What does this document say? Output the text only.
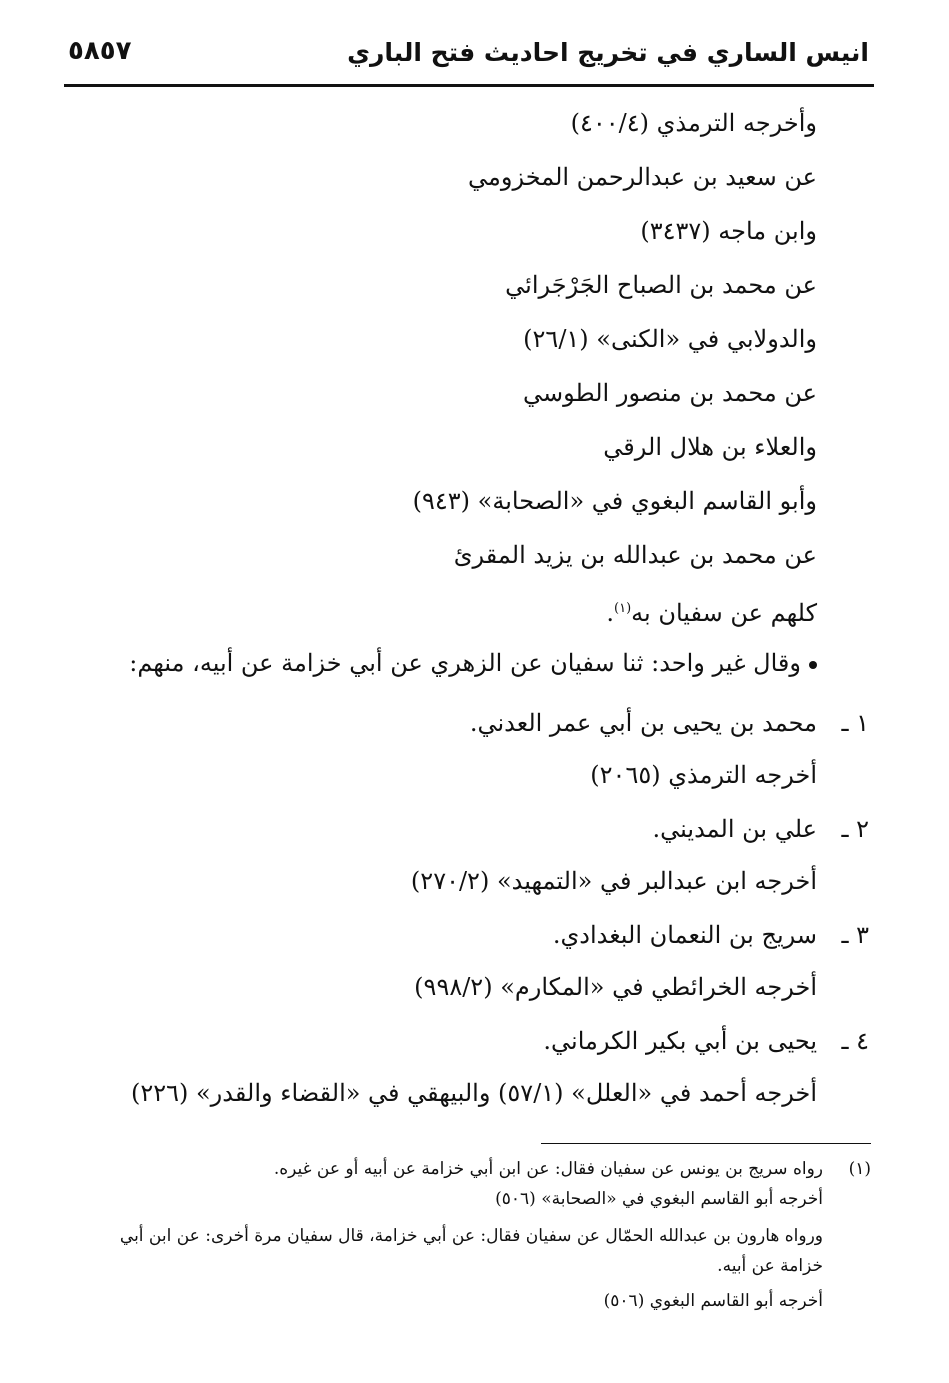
انيس الساري في تخريج احاديث فتح الباري
٥٨٥٧
وأخرجه الترمذي (٤٠٠/٤)
عن سعيد بن عبدالرحمن المخزومي
وابن ماجه (٣٤٣٧)
عن محمد بن الصباح الجَرْجَرائي
والدولابي في «الكنى» (٢٦/١)
عن محمد بن منصور الطوسي
والعلاء بن هلال الرقي
وأبو القاسم البغوي في «الصحابة» (٩٤٣)
عن محمد بن عبدالله بن يزيد المقرئ
كلهم عن سفيان به$^{(١)}$.
وقال غير واحد: ثنا سفيان عن الزهري عن أبي خزامة عن أبيه، منهم:
١ ـ
محمد بن يحيى بن أبي عمر العدني.
أخرجه الترمذي (٢٠٦٥)
٢ ـ
علي بن المديني.
أخرجه ابن عبدالبر في «التمهيد» (٢٧٠/٢)
٣ ـ
سريج بن النعمان البغدادي.
أخرجه الخرائطي في «المكارم» (٩٩٨/٢)
٤ ـ
يحيى بن أبي بكير الكرماني.
أخرجه أحمد في «العلل» (٥٧/١) والبيهقي في «القضاء والقدر» (٢٢٦)
(١)
رواه سريج بن يونس عن سفيان فقال: عن ابن أبي خزامة عن أبيه أو عن غيره.
أخرجه أبو القاسم البغوي في «الصحابة» (٥٠٦)
ورواه هارون بن عبدالله الحمّال عن سفيان فقال: عن أبي خزامة، قال سفيان مرة أخرى: عن ابن أبي
خزامة عن أبيه.
أخرجه أبو القاسم البغوي (٥٠٦)
